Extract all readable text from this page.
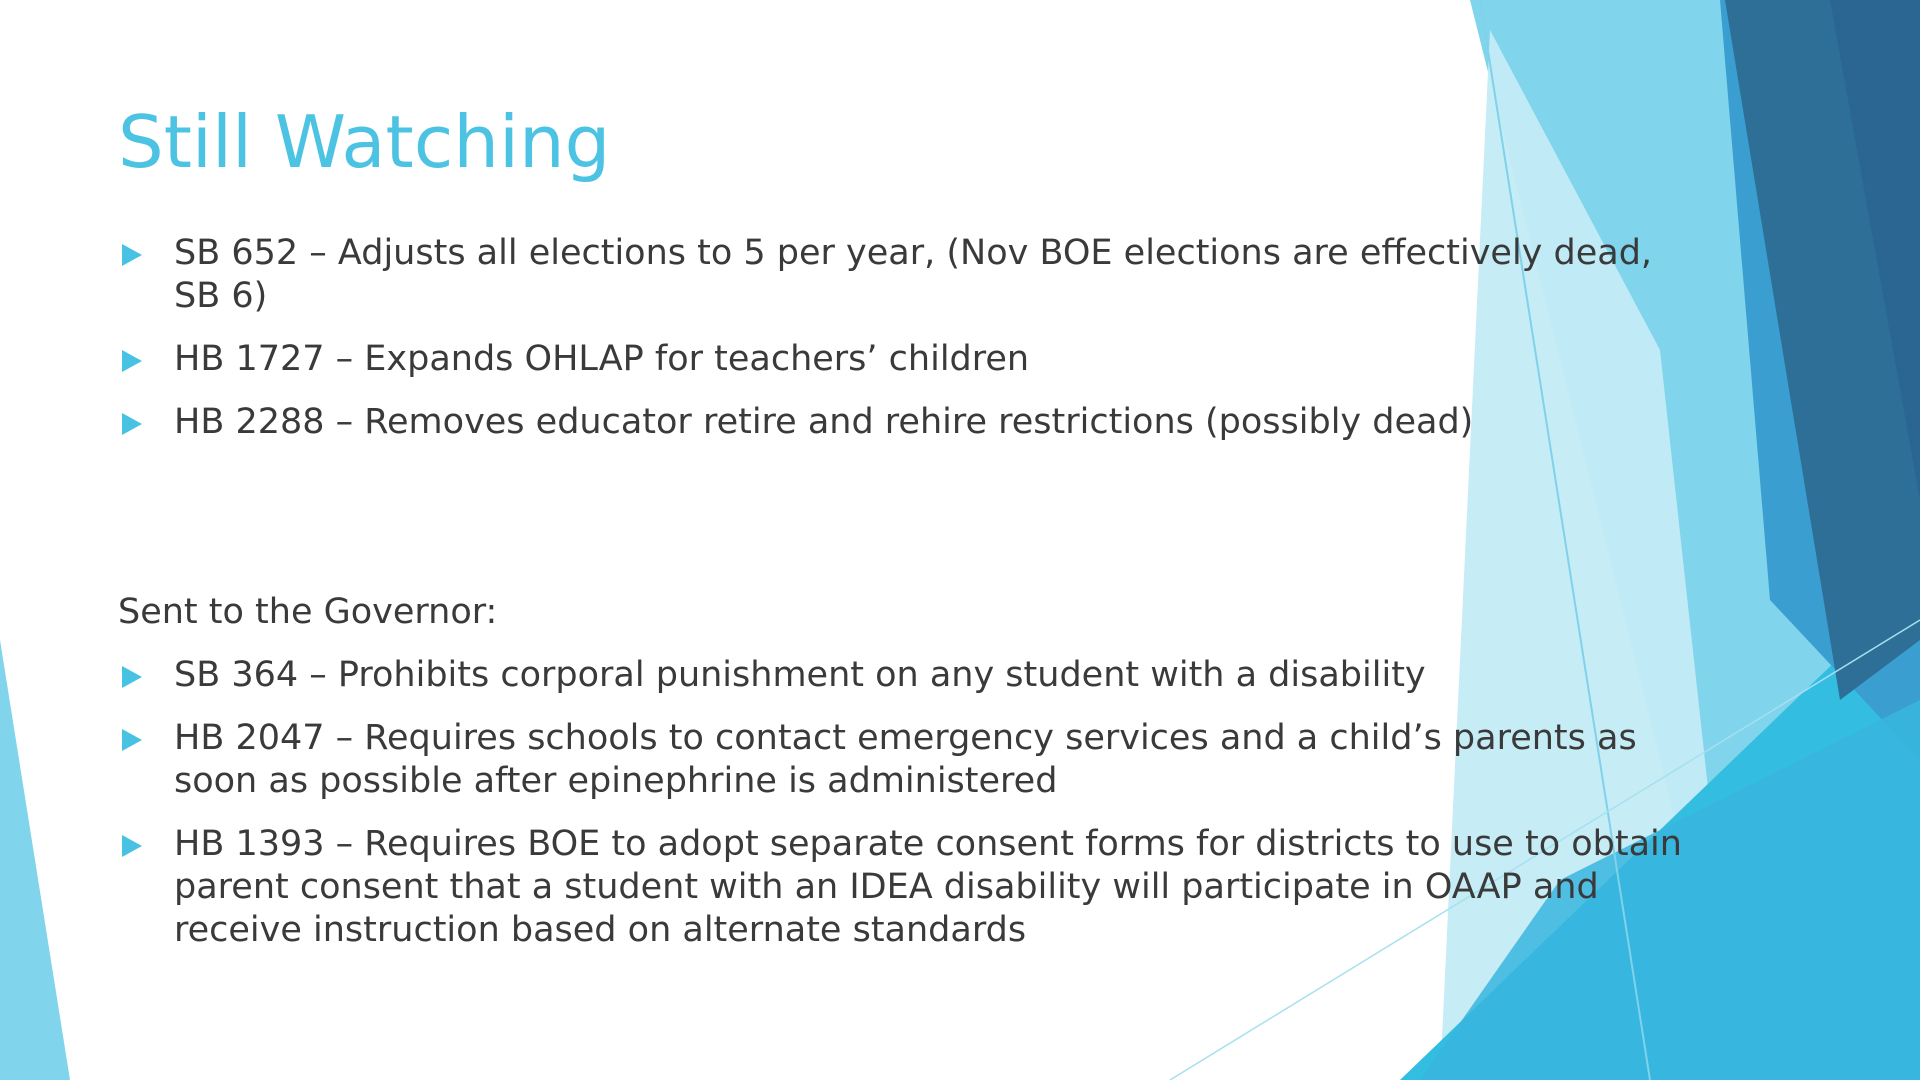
Still Watching
SB 652 – Adjusts all elections to 5 per year, (Nov BOE elections are effectively dead, SB 6)
HB 1727 – Expands OHLAP for teachers’ children
HB 2288 – Removes educator retire and rehire restrictions (possibly dead)

Sent to the Governor:

SB 364 – Prohibits corporal punishment on any student with a disability
HB 2047 – Requires schools to contact emergency services and a child’s parents as soon as possible after epinephrine is administered
HB 1393 – Requires BOE to adopt separate consent forms for districts to use to obtain parent consent that a student with an IDEA disability will participate in OAAP and receive instruction based on alternate standards
